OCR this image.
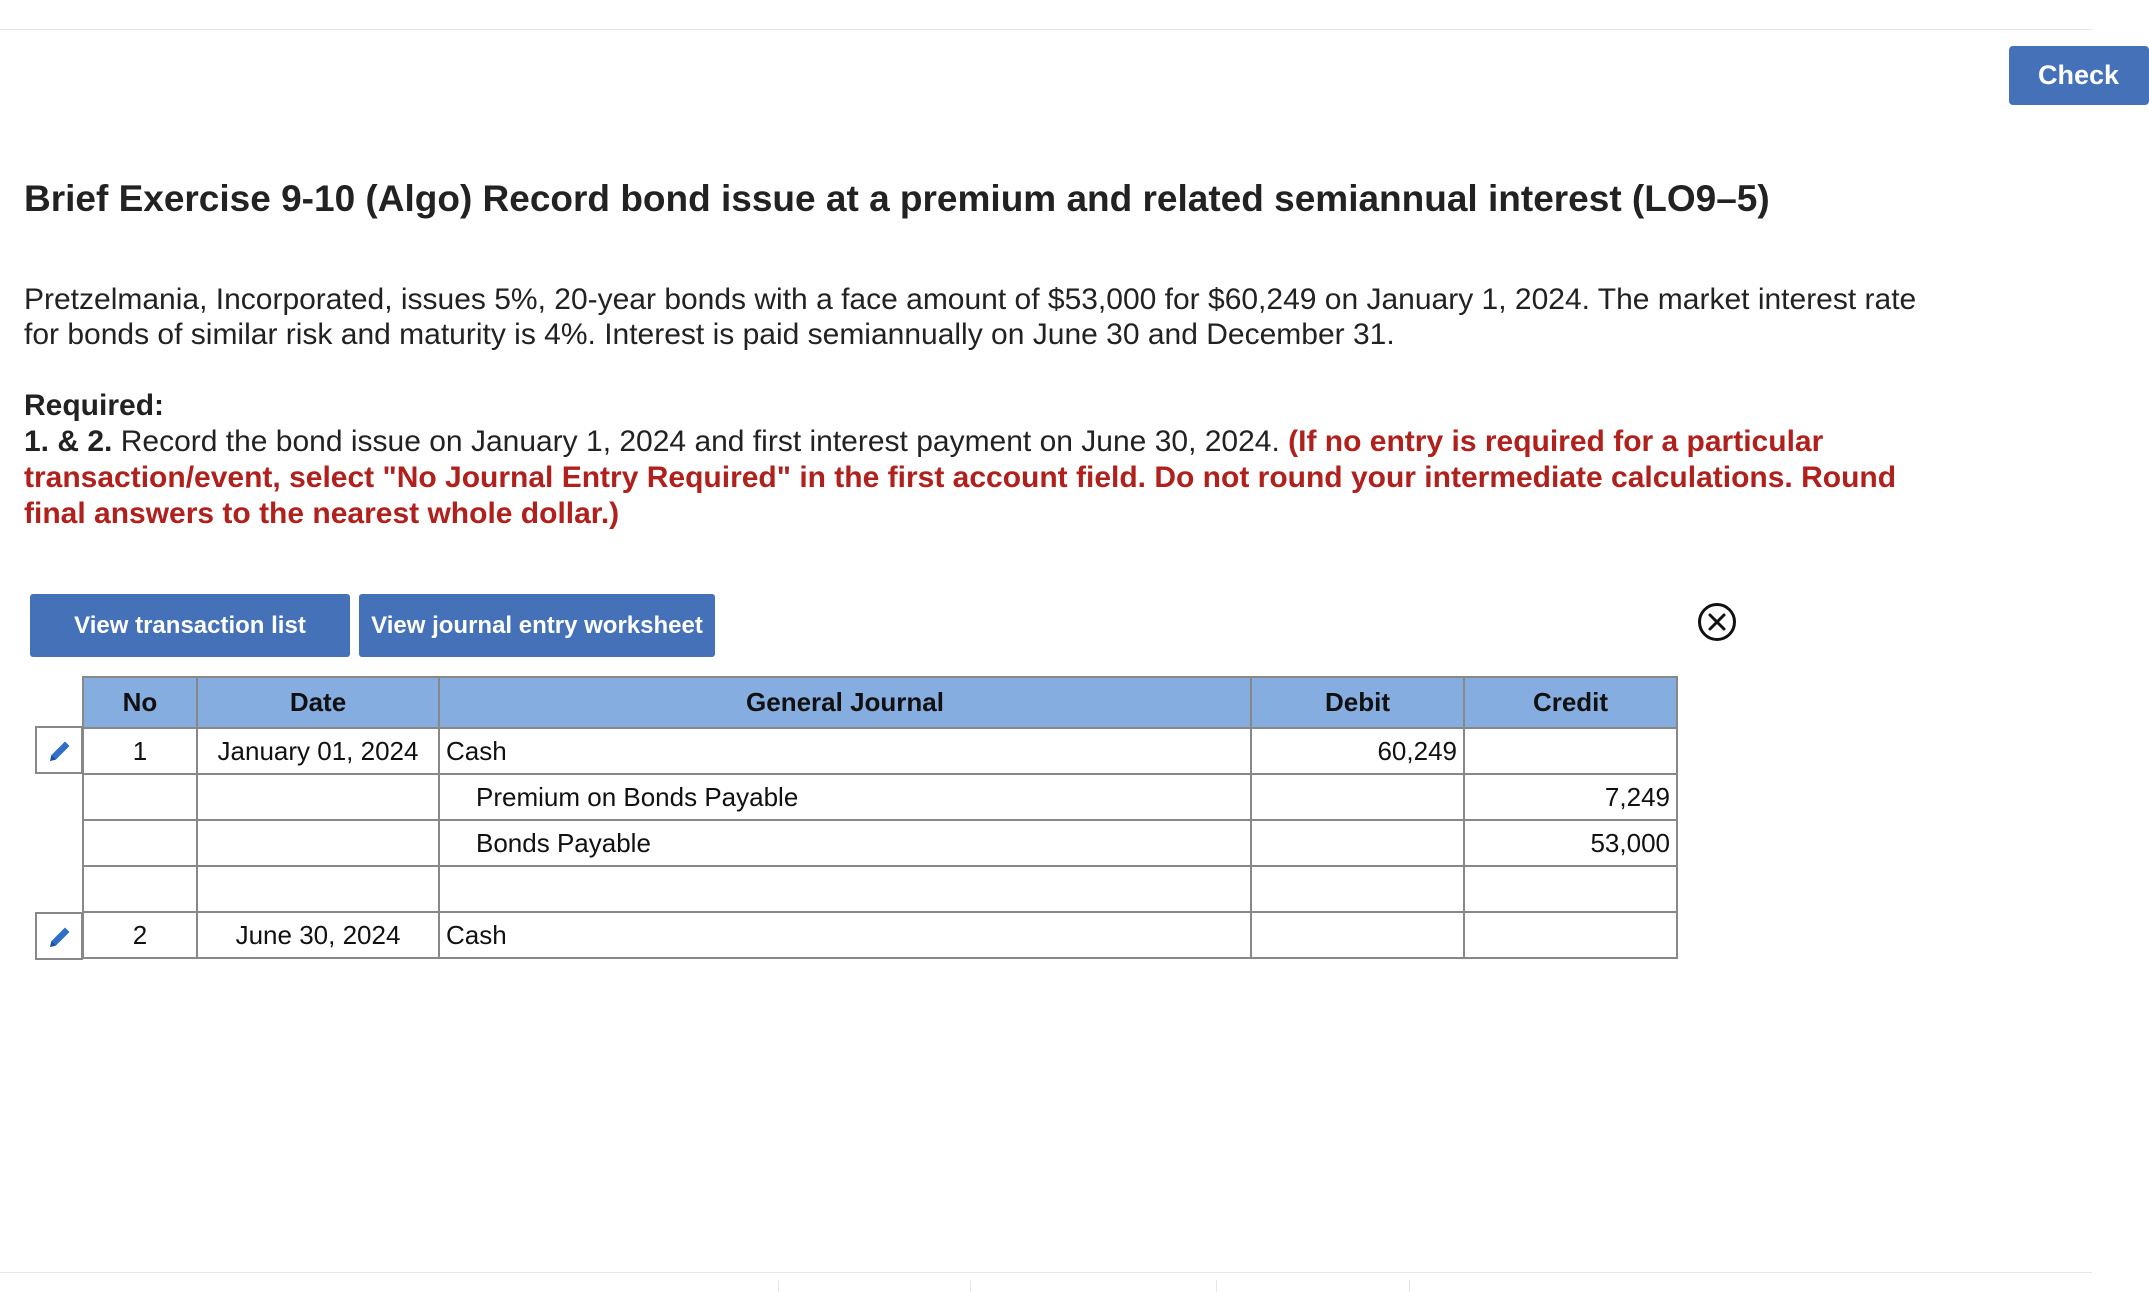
Check
Brief Exercise 9-10 (Algo) Record bond issue at a premium and related semiannual interest (LO9–5)

Pretzelmania, Incorporated, issues 5%, 20-year bonds with a face amount of $53,000 for $60,249 on January 1, 2024. The market interest rate for bonds of similar risk and maturity is 4%. Interest is paid semiannually on June 30 and December 31.

Required:
1. & 2. Record the bond issue on January 1, 2024 and first interest payment on June 30, 2024. (If no entry is required for a particular transaction/event, select "No Journal Entry Required" in the first account field. Do not round your intermediate calculations. Round final answers to the nearest whole dollar.)

View transaction list	View journal entry worksheet
No	Date	General Journal	Debit	Credit
1	January 01, 2024	Cash	60,249	
		Premium on Bonds Payable		7,249
		Bonds Payable		53,000

2	June 30, 2024	Cash		
